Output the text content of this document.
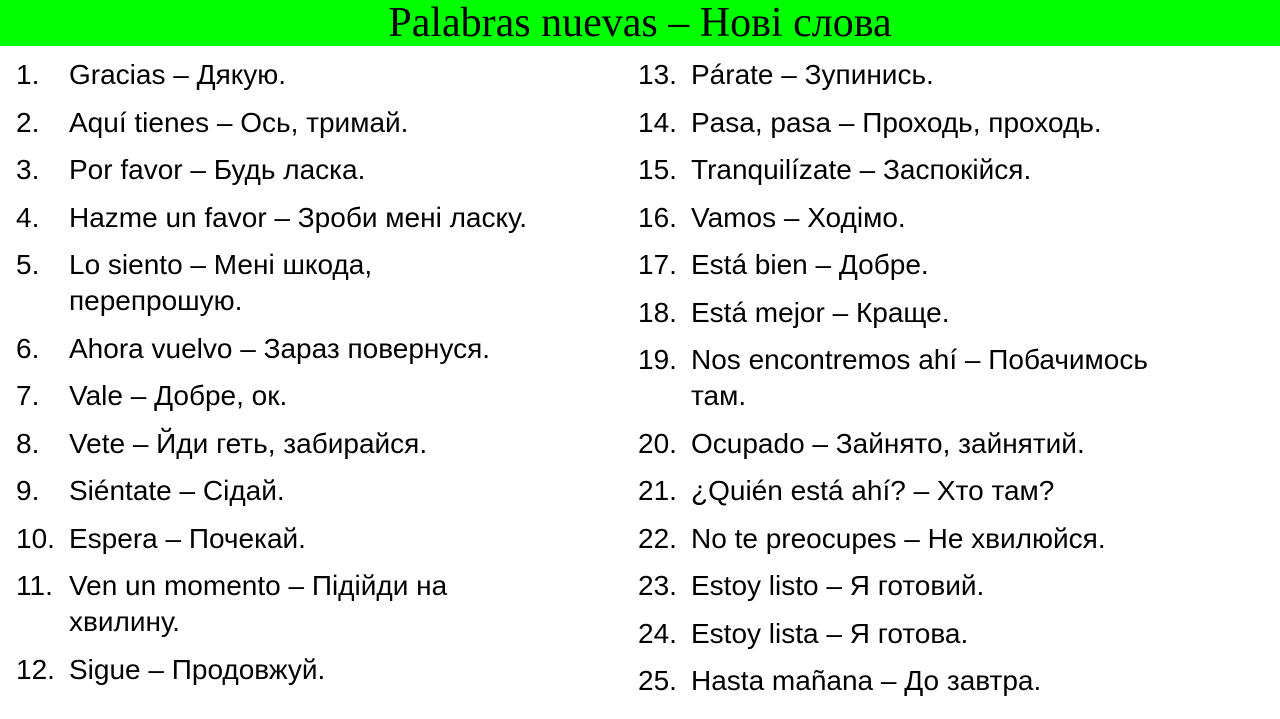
Palabras nuevas – Нові слова
1.	Gracias – Дякую.
2.	Aquí tienes – Ось, тримай.
3.	Por favor – Будь ласка.
4.	Hazme un favor – Зроби мені ласку.
5.	Lo siento – Мені шкода,
перепрошую.
6.	Ahora vuelvo – Зараз повернуся.
7.	Vale – Добре, ок.
8.	Vete – Йди геть, забирайся.
9.	Siéntate – Сідай.
10. Espera – Почекай.
11. Ven un momento – Підійди на
хвилину.
12. Sigue – Продовжуй.
13. Párate – Зупинись.
14. Pasa, pasa – Проходь, проходь.
15. Tranquilízate – Заспокійся.
16. Vamos – Ходімо.
17. Está bien – Добре.
18. Está mejor – Краще.
19. Nos encontremos ahí – Побачимось
там.
20. Ocupado – Зайнято, зайнятий.
21. ¿Quién está ahí? – Хто там?
22. No te preocupes – Не хвилюйся.
23. Estoy listo – Я готовий.
24. Estoy lista – Я готова.
25. Hasta mañana – До завтра.
